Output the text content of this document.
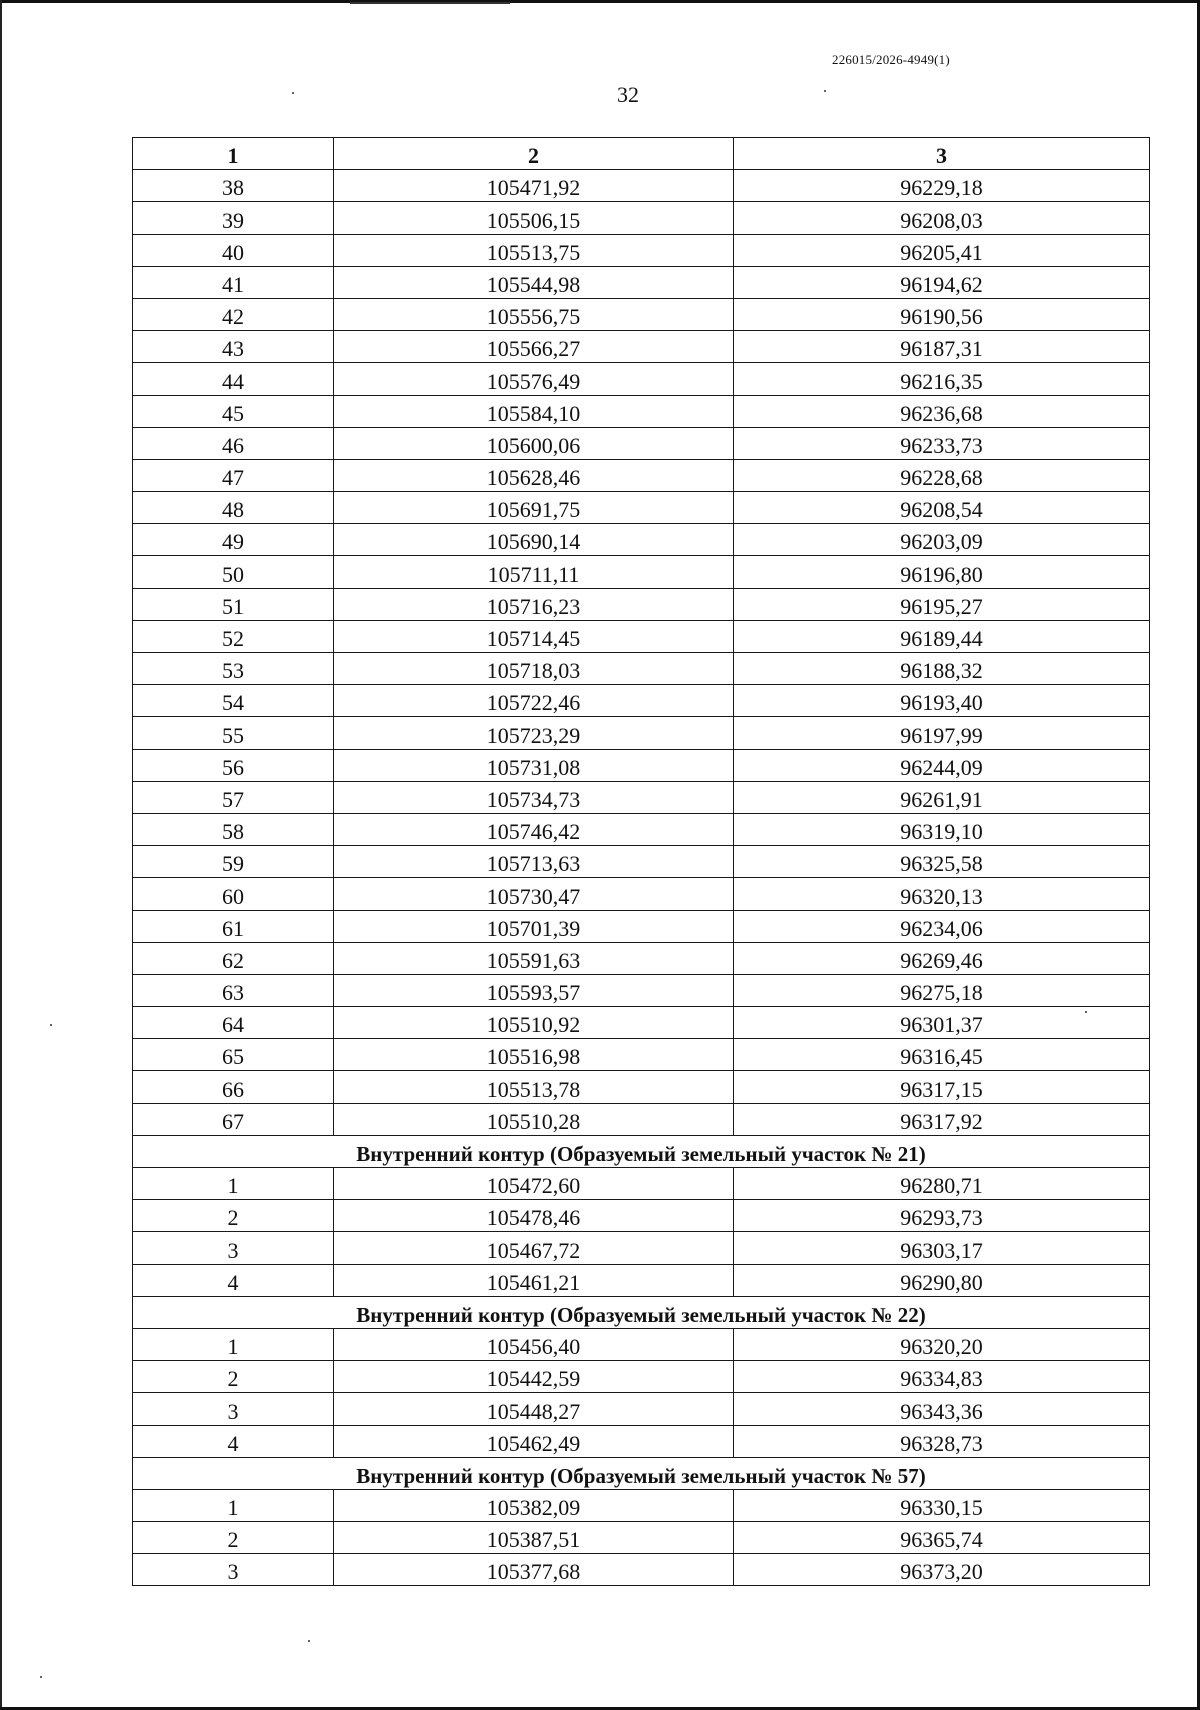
226015/2026-4949(1)
32
1	2	3
38	105471,92	96229,18
39	105506,15	96208,03
40	105513,75	96205,41
41	105544,98	96194,62
42	105556,75	96190,56
43	105566,27	96187,31
44	105576,49	96216,35
45	105584,10	96236,68
46	105600,06	96233,73
47	105628,46	96228,68
48	105691,75	96208,54
49	105690,14	96203,09
50	105711,11	96196,80
51	105716,23	96195,27
52	105714,45	96189,44
53	105718,03	96188,32
54	105722,46	96193,40
55	105723,29	96197,99
56	105731,08	96244,09
57	105734,73	96261,91
58	105746,42	96319,10
59	105713,63	96325,58
60	105730,47	96320,13
61	105701,39	96234,06
62	105591,63	96269,46
63	105593,57	96275,18
64	105510,92	96301,37
65	105516,98	96316,45
66	105513,78	96317,15
67	105510,28	96317,92
Внутренний контур (Образуемый земельный участок № 21)		
1	105472,60	96280,71
2	105478,46	96293,73
3	105467,72	96303,17
4	105461,21	96290,80
Внутренний контур (Образуемый земельный участок № 22)		
1	105456,40	96320,20
2	105442,59	96334,83
3	105448,27	96343,36
4	105462,49	96328,73
Внутренний контур (Образуемый земельный участок № 57)		
1	105382,09	96330,15
2	105387,51	96365,74
3	105377,68	96373,20
